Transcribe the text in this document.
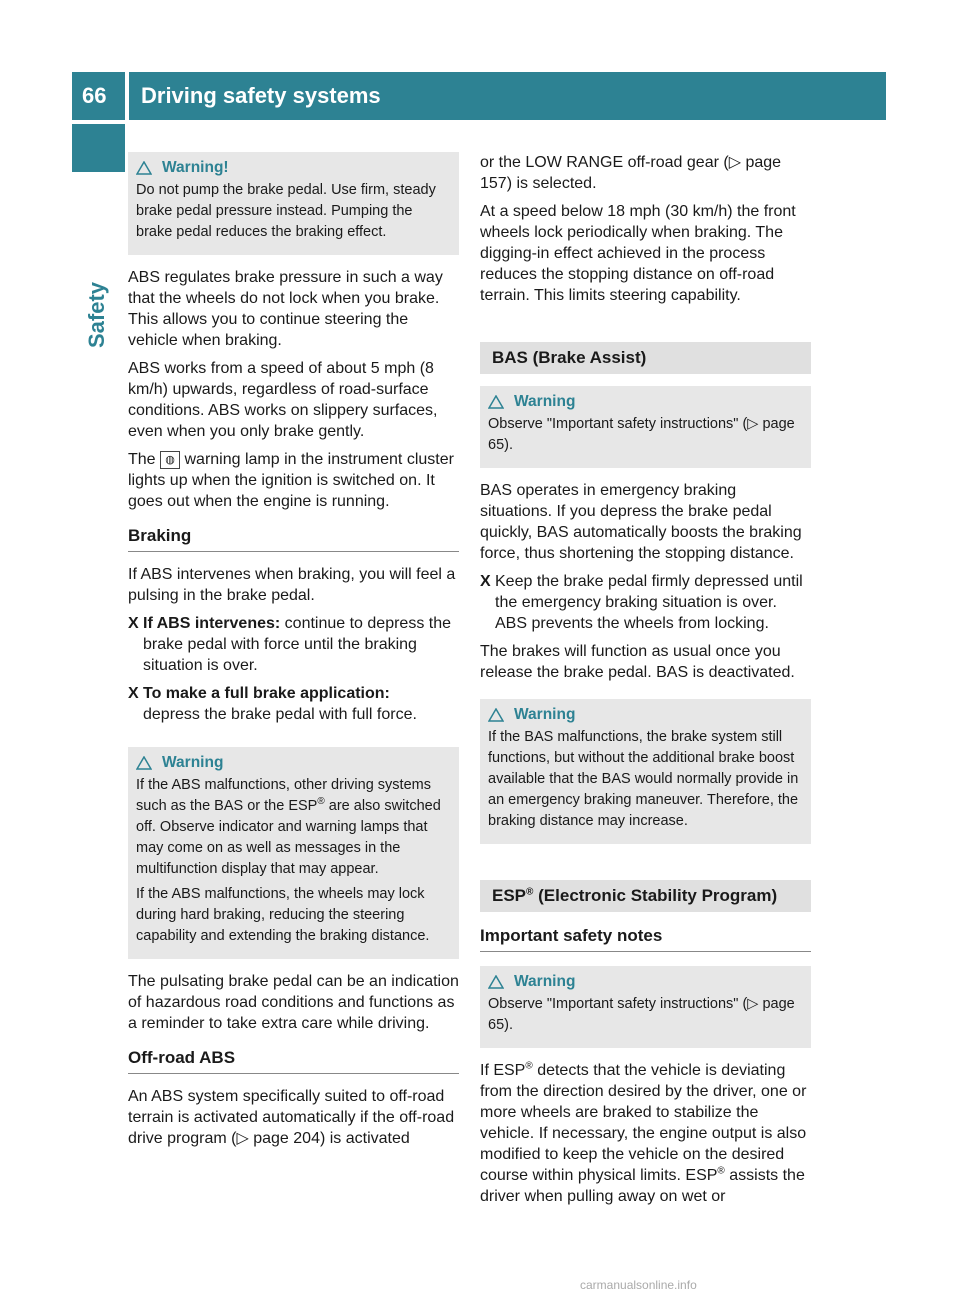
66	Driving safety systems
Safety
Warning!

Do not pump the brake pedal. Use firm, steady brake pedal pressure instead. Pumping the brake pedal reduces the braking effect.

ABS regulates brake pressure in such a way that the wheels do not lock when you brake. This allows you to continue steering the vehicle when braking.

ABS works from a speed of about 5 mph (8 km/h) upwards, regardless of road-surface conditions. ABS works on slippery surfaces, even when you only brake gently.

The ◍ warning lamp in the instrument cluster lights up when the ignition is switched on. It goes out when the engine is running.

Braking

If ABS intervenes when braking, you will feel a pulsing in the brake pedal.

X If ABS intervenes: continue to depress the brake pedal with force until the braking situation is over.
X To make a full brake application:
depress the brake pedal with full force.
Warning

If the ABS malfunctions, other driving systems such as the BAS or the ESP® are also switched off. Observe indicator and warning lamps that may come on as well as messages in the multifunction display that may appear.

If the ABS malfunctions, the wheels may lock during hard braking, reducing the steering capability and extending the braking distance.

The pulsating brake pedal can be an indication of hazardous road conditions and functions as a reminder to take extra care while driving.

Off-road ABS

An ABS system specifically suited to off-road terrain is activated automatically if the off-road drive program (▷ page 204) is activated

or the LOW RANGE off-road gear (▷ page 157) is selected.

At a speed below 18 mph (30 km/h) the front wheels lock periodically when braking. The digging-in effect achieved in the process reduces the stopping distance on off-road terrain. This limits steering capability.

BAS (Brake Assist)
Warning

Observe "Important safety instructions" (▷ page 65).

BAS operates in emergency braking situations. If you depress the brake pedal quickly, BAS automatically boosts the braking force, thus shortening the stopping distance.

X Keep the brake pedal firmly depressed until the emergency braking situation is over. ABS prevents the wheels from locking.

The brakes will function as usual once you release the brake pedal. BAS is deactivated.

Warning

If the BAS malfunctions, the brake system still functions, but without the additional brake boost available that the BAS would normally provide in an emergency braking maneuver. Therefore, the braking distance may increase.

ESP® (Electronic Stability Program)
Important safety notes
Warning

Observe "Important safety instructions" (▷ page 65).

If ESP® detects that the vehicle is deviating from the direction desired by the driver, one or more wheels are braked to stabilize the vehicle. If necessary, the engine output is also modified to keep the vehicle on the desired course within physical limits. ESP® assists the driver when pulling away on wet or

carmanualsonline.info
